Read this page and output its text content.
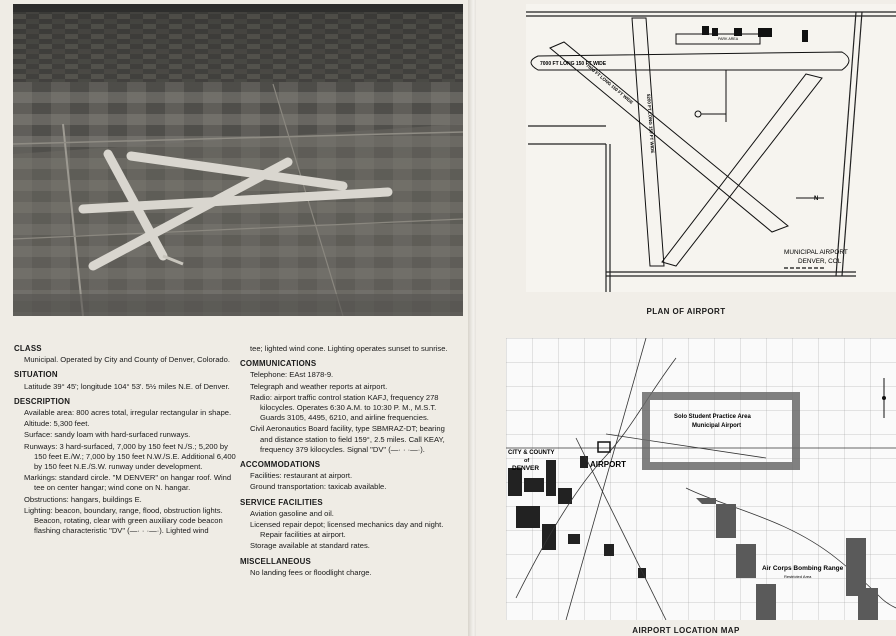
CLASS
Municipal. Operated by City and County of Denver, Colorado.
SITUATION
Latitude 39° 45'; longitude 104° 53'. 5½ miles N.E. of Denver.
DESCRIPTION
Available area: 800 acres total, irregular rectangular in shape.
Altitude: 5,300 feet.
Surface: sandy loam with hard-surfaced runways.
Runways: 3 hard-surfaced, 7,000 by 150 feet N./S.; 5,200 by 150 feet E./W.; 7,000 by 150 feet N.W./S.E. Additional 6,400 by 150 feet N.E./S.W. runway under development.
Markings: standard circle. "M DENVER" on hangar roof. Wind tee on center hangar; wind cone on N. hangar.
Obstructions: hangars, buildings E.
Lighting: beacon, boundary, range, flood, obstruction lights. Beacon, rotating, clear with green auxiliary code beacon flashing characteristic "DV" (—· · ·—·). Lighted wind
tee; lighted wind cone. Lighting operates sunset to sunrise.
COMMUNICATIONS
Telephone: EAst 1878-9.
Telegraph and weather reports at airport.
Radio: airport traffic control station KAFJ, frequency 278 kilocycles. Operates 6:30 A.M. to 10:30 P. M., M.S.T. Guards 3105, 4495, 6210, and airline frequencies.
Civil Aeronautics Board facility, type SBMRAZ-DT; bearing and distance station to field 159°, 2.5 miles. Call KEAY, frequency 379 kilocycles. Signal "DV" (—· · ·—·).
ACCOMMODATIONS
Facilities: restaurant at airport.
Ground transportation: taxicab available.
SERVICE FACILITIES
Aviation gasoline and oil.
Licensed repair depot; licensed mechanics day and night. Repair facilities at airport.
Storage available at standard rates.
MISCELLANEOUS
No landing fees or floodlight charge.
7000 FT LONG 150 FT WIDE
PARK AREA
5200 FT LONG 150 FT WIDE
7000 FT LONG 150 FT WIDE
N
MUNICIPAL AIRPORT
DENVER, COL
PLAN OF AIRPORT
Solo Student Practice Area
Municipal Airport
AIRPORT
CITY & COUNTY
of
DENVER
Air Corps Bombing Range
Restricted Area
AIRPORT LOCATION MAP
